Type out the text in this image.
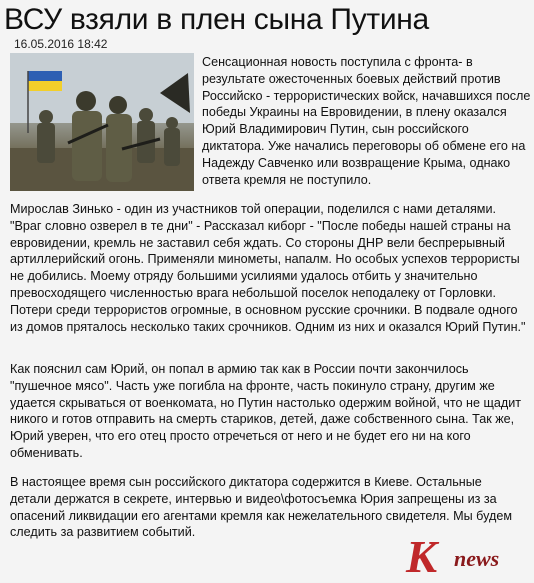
ВСУ взяли в плен сына Путина
16.05.2016 18:42

Сенсационная новость поступила с фронта- в результате ожесточенных боевых действий против Российско - террористических войск, начавшихся после победы Украины на Евровидении, в плену оказался Юрий Владимирович Путин, сын российского диктатора. Уже начались переговоры об обмене его на Надежду Савченко или возвращение Крыма, однако ответа кремля не поступило.

Мирослав Зинько - один из участников той операции, поделился с нами деталями. "Враг словно озверел в те дни" - Рассказал киборг - "После победы нашей страны на евровидении, кремль не заставил себя ждать. Со стороны ДНР вели беспрерывный артиллерийский огонь. Применяли минометы, напалм. Но особых успехов террористы не добились. Моему отряду большими усилиями удалось отбить у значительно превосходящего численностью врага небольшой поселок неподалеку от Горловки. Потери среди террористов огромные, в основном русские срочники. В подвале одного из домов пряталось несколько таких срочников. Одним из них и оказался Юрий Путин."

Как пояснил сам Юрий, он попал в армию так как в России почти закончилось "пушечное мясо". Часть уже погибла на фронте, часть покинуло страну, другим же удается скрываться от военкомата, но Путин настолько одержим войной, что не щадит никого и готов отправить на смерть стариков, детей, даже собственного сына. Так же, Юрий уверен, что его отец просто отречеться от него и не будет его ни на кого обменивать.

В настоящее время сын российского диктатора содержится в Киеве. Остальные детали держатся в секрете, интервью и видео\фотосъемка Юрия запрещены из за опасений ликвидации его агентами кремля как нежелательного свидетеля. Мы будем следить за развитием событий.	К news
